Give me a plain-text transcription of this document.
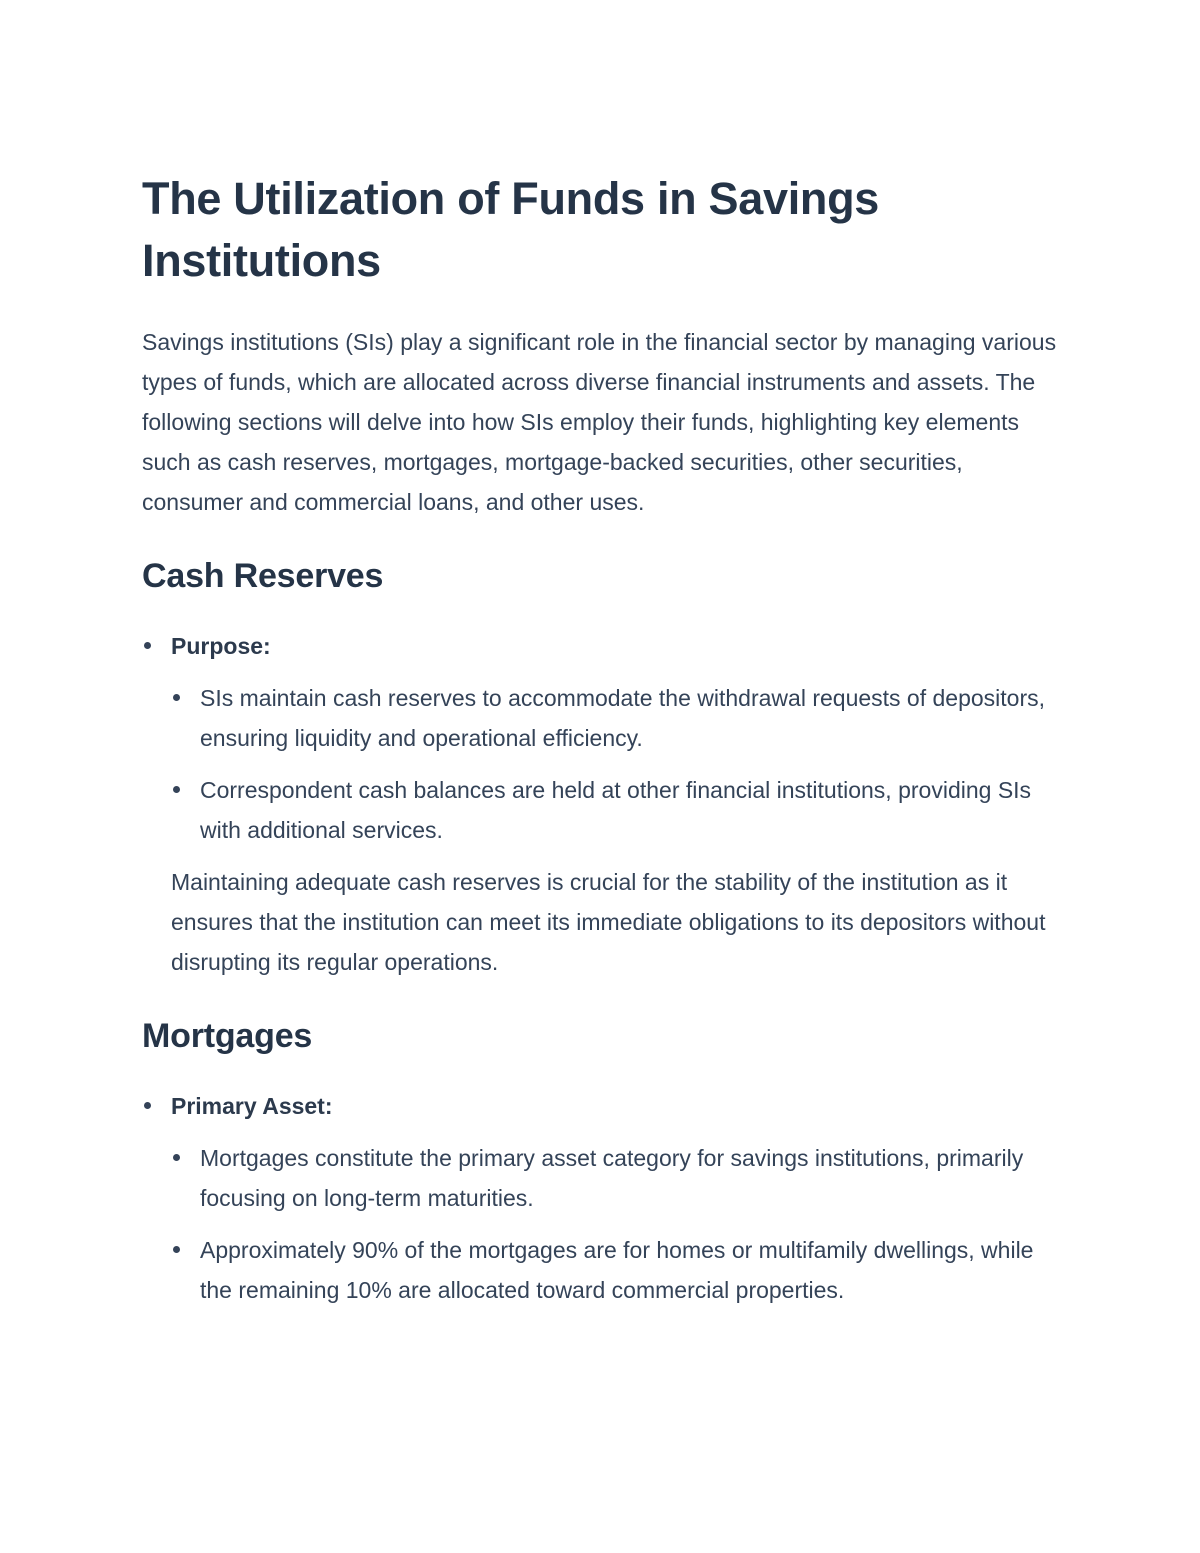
The Utilization of Funds in Savings Institutions

Savings institutions (SIs) play a significant role in the financial sector by managing various types of funds, which are allocated across diverse financial instruments and assets. The following sections will delve into how SIs employ their funds, highlighting key elements such as cash reserves, mortgages, mortgage-backed securities, other securities, consumer and commercial loans, and other uses.

Cash Reserves
Purpose:
SIs maintain cash reserves to accommodate the withdrawal requests of depositors, ensuring liquidity and operational efficiency.
Correspondent cash balances are held at other financial institutions, providing SIs with additional services.

Maintaining adequate cash reserves is crucial for the stability of the institution as it ensures that the institution can meet its immediate obligations to its depositors without disrupting its regular operations.

Mortgages
Primary Asset:
Mortgages constitute the primary asset category for savings institutions, primarily focusing on long-term maturities.
Approximately 90% of the mortgages are for homes or multifamily dwellings, while the remaining 10% are allocated toward commercial properties.
